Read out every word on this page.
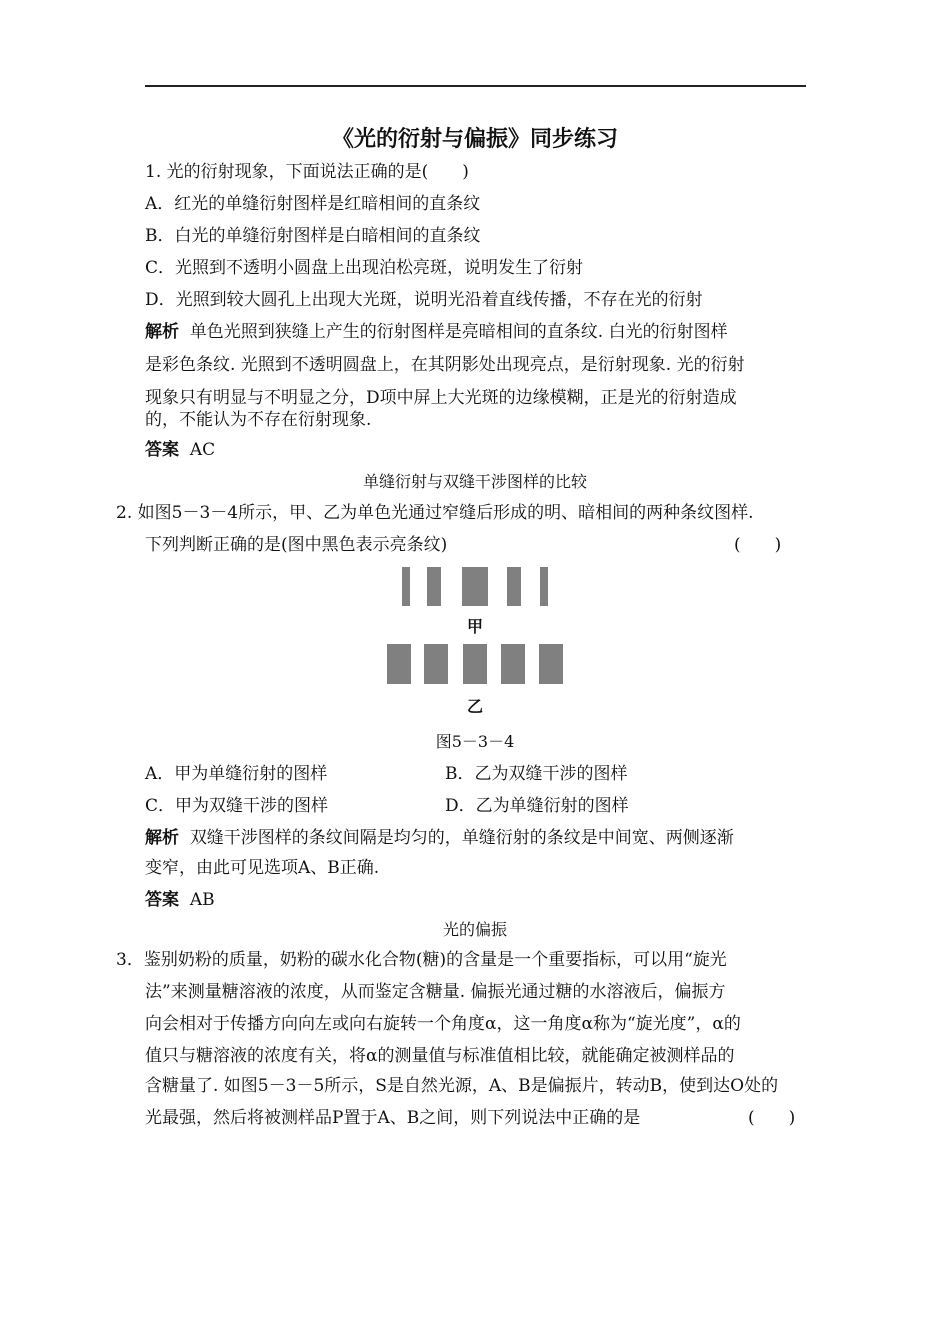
《光的衍射与偏振》同步练习
1. 光的衍射现象，下面说法正确的是(　　)
A．红光的单缝衍射图样是红暗相间的直条纹
B．白光的单缝衍射图样是白暗相间的直条纹
C．光照到不透明小圆盘上出现泊松亮斑，说明发生了衍射
D．光照到较大圆孔上出现大光斑，说明光沿着直线传播，不存在光的衍射
解析 单色光照到狭缝上产生的衍射图样是亮暗相间的直条纹. 白光的衍射图样
是彩色条纹. 光照到不透明圆盘上，在其阴影处出现亮点，是衍射现象. 光的衍射
现象只有明显与不明显之分，D项中屏上大光斑的边缘模糊，正是光的衍射造成
的，不能认为不存在衍射现象.
答案 AC
单缝衍射与双缝干涉图样的比较
2. 如图5－3－4所示，甲、乙为单色光通过窄缝后形成的明、暗相间的两种条纹图样.
下列判断正确的是(图中黑色表示亮条纹)	(　　)
甲
乙
图5－3－4
A．甲为单缝衍射的图样	B．乙为双缝干涉的图样
C．甲为双缝干涉的图样	D．乙为单缝衍射的图样
解析 双缝干涉图样的条纹间隔是均匀的，单缝衍射的条纹是中间宽、两侧逐渐
变窄，由此可见选项A、B正确.
答案 AB
光的偏振
3．鉴别奶粉的质量，奶粉的碳水化合物(糖)的含量是一个重要指标，可以用“旋光
法”来测量糖溶液的浓度，从而鉴定含糖量. 偏振光通过糖的水溶液后，偏振方
向会相对于传播方向向左或向右旋转一个角度α，这一角度α称为“旋光度”，α的
值只与糖溶液的浓度有关，将α的测量值与标准值相比较，就能确定被测样品的
含糖量了. 如图5－3－5所示，S是自然光源，A、B是偏振片，转动B，使到达O处的
光最强，然后将被测样品P置于A、B之间，则下列说法中正确的是	(　　)
